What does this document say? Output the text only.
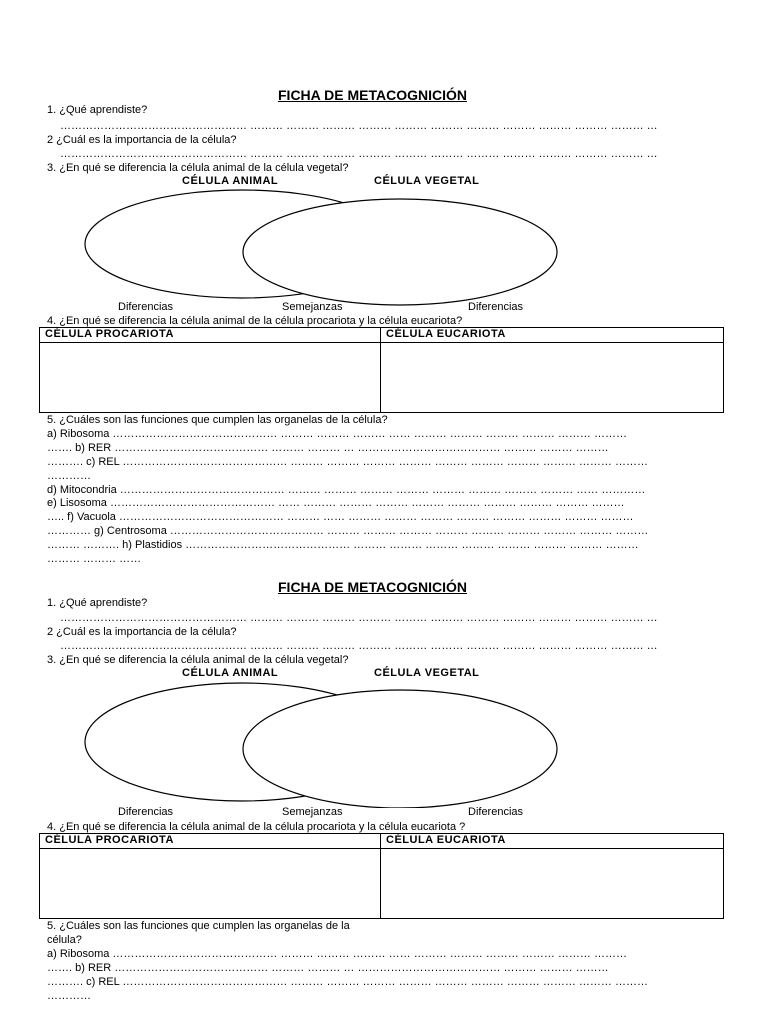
FICHA DE METACOGNICIÓN
1. ¿Qué aprendiste?
…………………………………………… ……… ……… ……… ……… ……… ……… ……… ……… ……… ……… ……… …
2 ¿Cuál es la importancia de la célula?
…………………………………………… ……… ……… ……… ……… ……… ……… ……… ……… ……… ……… ……… …
3. ¿En qué se diferencia la célula animal de la célula vegetal?
CÉLULA ANIMAL	CÉLULA VEGETAL
Diferencias	Semejanzas	Diferencias
4. ¿En qué se diferencia la célula animal de la célula procariota y la célula eucariota?
CÉLULA PROCARIOTA	CÉLULA EUCARIOTA

5. ¿Cuáles son las funciones que cumplen las organelas de la célula?
a) Ribosoma ……………………………………… ……… ……… ……… …… ……… ……… ……… ……… ……… ………
……. b) RER …………………………………… ……… ……… … ………………………………… ……… ……… ………
………. c) REL ……………………………………… ……… ……… ……… ……… ……… ……… ……… ……… ……… ………
…………
d) Mitocondria ……………………………………… ……… ……… ……… ……… ……… ……… ……… ……… …… …………
e) Lisosoma ……………………………………… …… ……… ……… ……… ……… ……… ……… ……… ……… ………
….. f) Vacuola ……………………………………… ……… …… ……… ……… ……… ……… ……… ……… ……… ………
………… g) Centrosoma …………………………………… ……… ……… ……… ……… ……… ……… ……… ……… ………
……… ………. h) Plastidios ……………………………………… ……… ……… ……… ……… ……… ……… ……… ………
……… ……… ……
FICHA DE METACOGNICIÓN
1. ¿Qué aprendiste?
…………………………………………… ……… ……… ……… ……… ……… ……… ……… ……… ……… ……… ……… …
2 ¿Cuál es la importancia de la célula?
…………………………………………… ……… ……… ……… ……… ……… ……… ……… ……… ……… ……… ……… …
3. ¿En qué se diferencia la célula animal de la célula vegetal?
CÉLULA ANIMAL	CÉLULA VEGETAL
Diferencias	Semejanzas	Diferencias
4. ¿En qué se diferencia la célula animal de la célula procariota y la célula eucariota ?
CÉLULA PROCARIOTA	CÉLULA EUCARIOTA

5. ¿Cuáles son las funciones que cumplen las organelas de la
célula?
a) Ribosoma ……………………………………… ……… ……… ……… …… ……… ……… ……… ……… ……… ………
……. b) RER …………………………………… ……… ……… … ………………………………… ……… ……… ………
………. c) REL ……………………………………… ……… ……… ……… ……… ……… ……… ……… ……… ……… ………
…………
